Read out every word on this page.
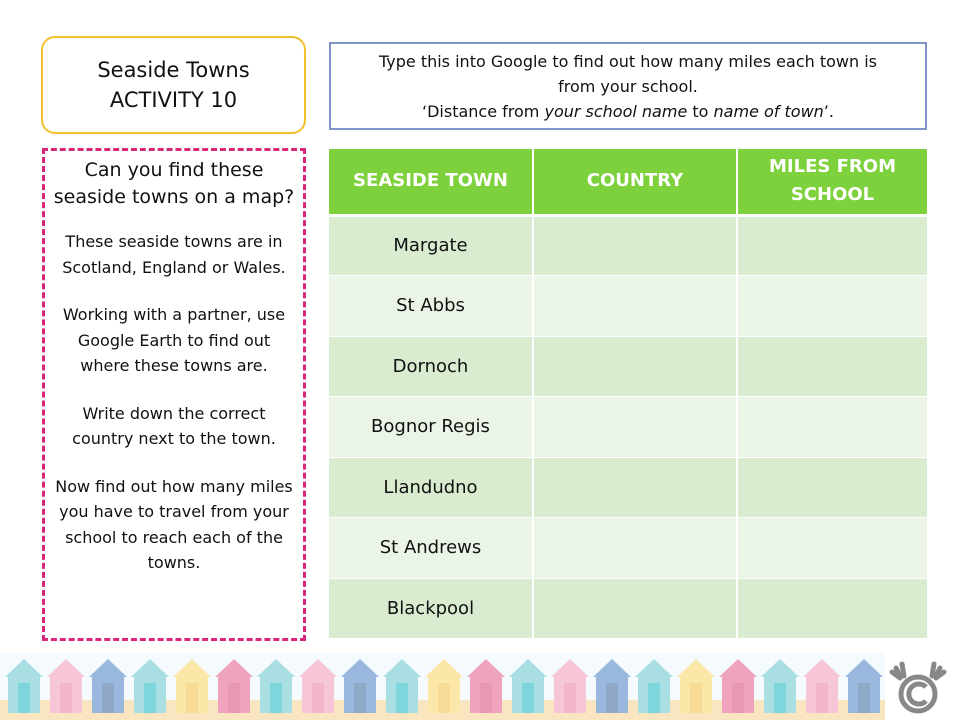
Seaside Towns
ACTIVITY 10
Type this into Google to find out how many miles each town is
from your school.
‘Distance from your school name to name of town’.
Can you find these seaside towns on a map?

These seaside towns are in Scotland, England or Wales.

Working with a partner, use Google Earth to find out where these towns are.

Write down the correct country next to the town.

Now find out how many miles you have to travel from your school to reach each of the towns.

SEASIDE TOWN	COUNTRY	MILES FROM SCHOOL
Margate		
St Abbs		
Dornoch		
Bognor Regis		
Llandudno		
St Andrews		
Blackpool		
